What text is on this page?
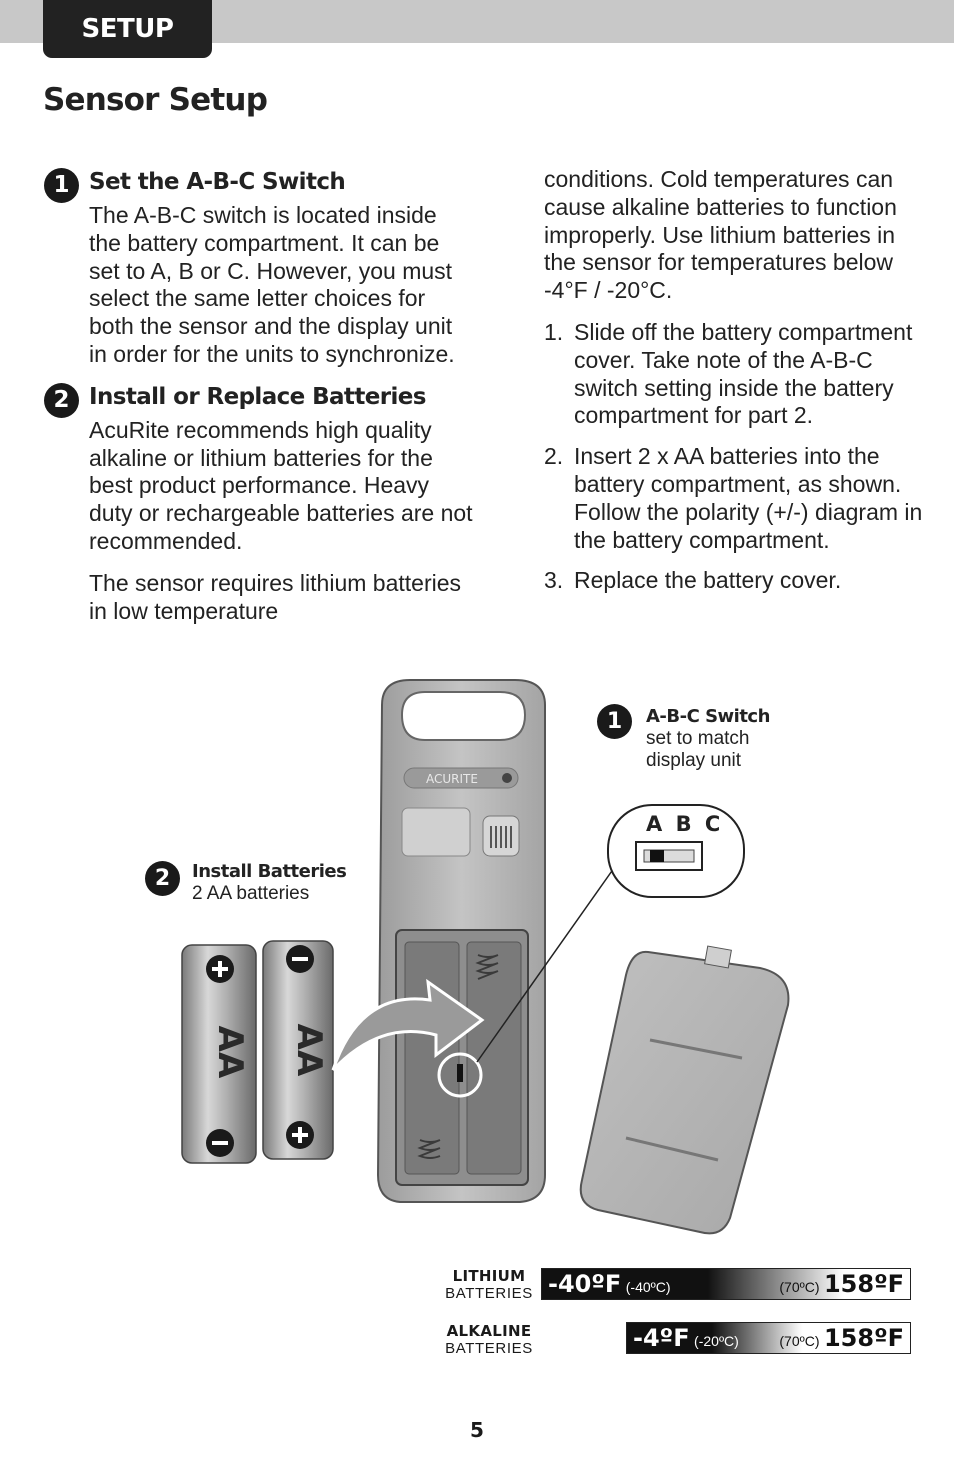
SETUP
Sensor Setup
1 Set the A-B-C Switch

The A-B-C switch is located inside the battery compartment. It can be set to A, B or C. However, you must select the same letter choices for both the sensor and the display unit in order for the units to synchronize.

2 Install or Replace Batteries

AcuRite recommends high quality alkaline or lithium batteries for the best product performance. Heavy duty or rechargeable batteries are not recommended.

The sensor requires lithium batteries in low temperature

conditions. Cold temperatures can cause alkaline batteries to function improperly. Use lithium batteries in the sensor for temperatures below -4°F / -20°C.

1. Slide off the battery compartment cover. Take note of the A-B-C switch setting inside the battery compartment for part 2.
2. Insert 2 x AA batteries into the battery compartment, as shown. Follow the polarity (+/-) diagram in the battery compartment.
3. Replace the battery cover.
ACURITE
AA AA
1	A-B-C Switch
set to match
display unit
A B C
2	Install Batteries
2 AA batteries
LITHIUM
BATTERIES -40ºF (-40ºC)	(70ºC) 158ºF
ALKALINE
BATTERIES	-4ºF (-20ºC)	(70ºC) 158ºF
5
